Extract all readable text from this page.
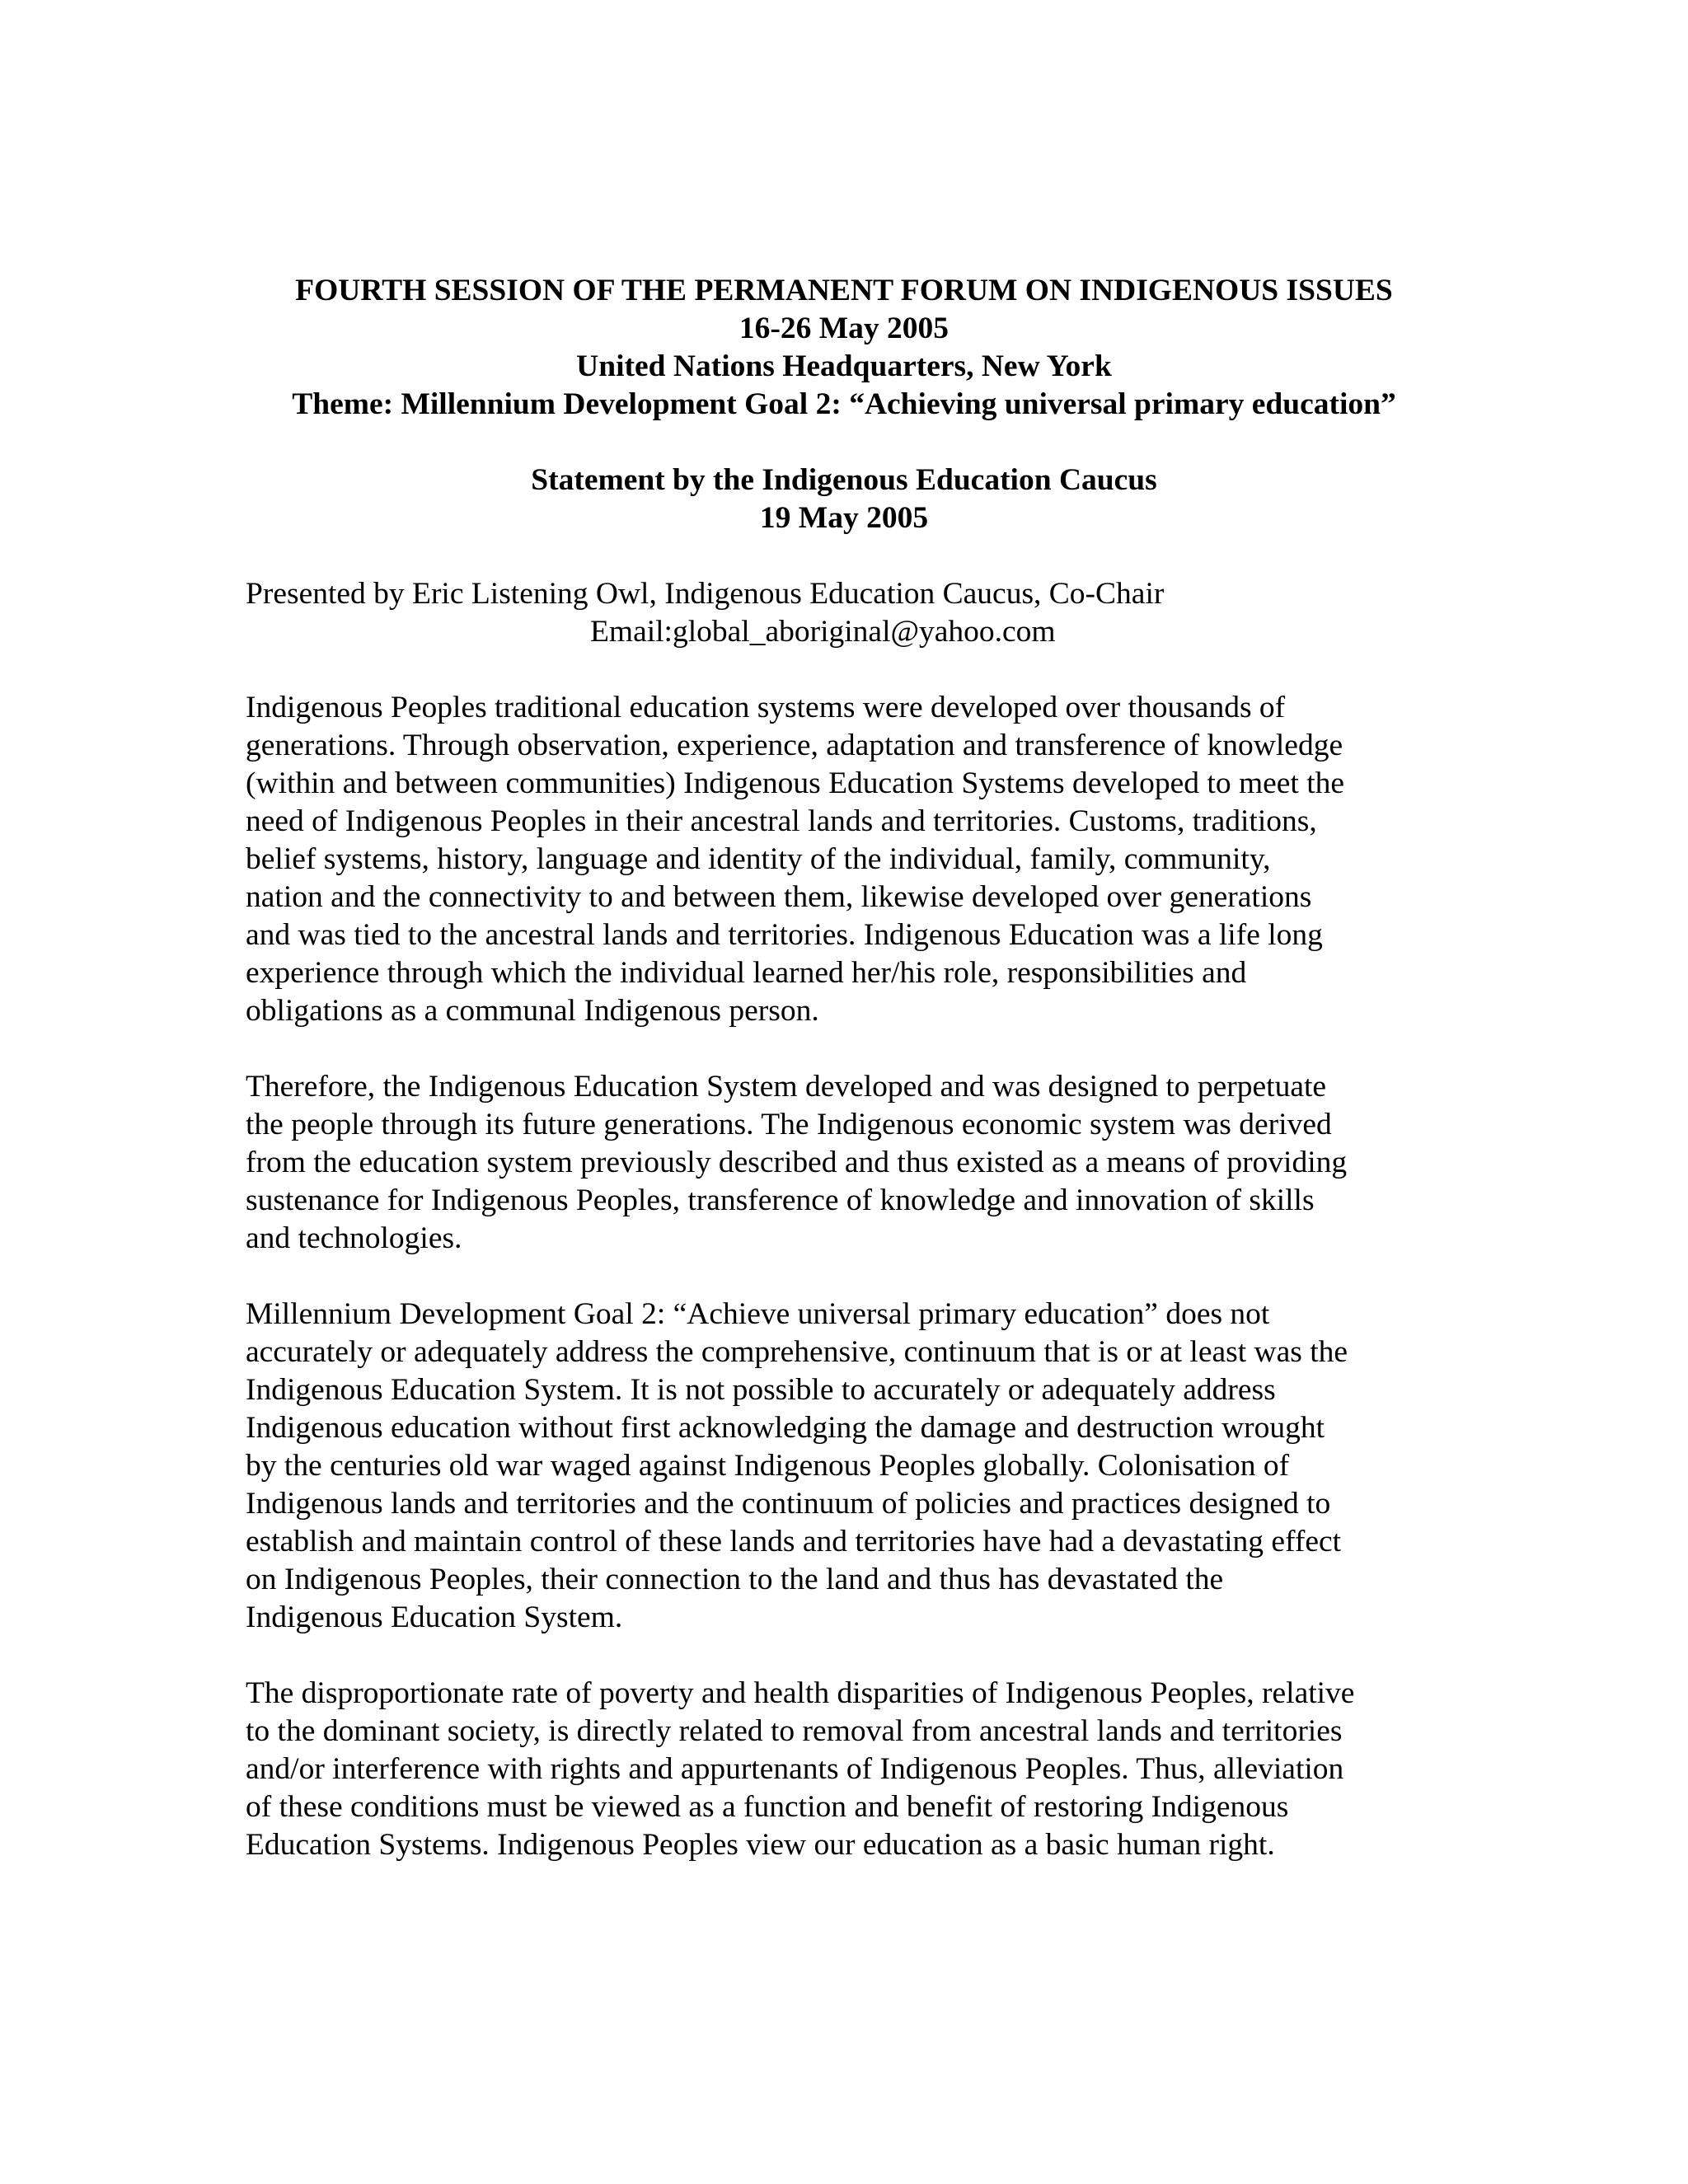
FOURTH SESSION OF THE PERMANENT FORUM ON INDIGENOUS ISSUES
16-26 May 2005
United Nations Headquarters, New York
Theme: Millennium Development Goal 2: “Achieving universal primary education”
Statement by the Indigenous Education Caucus
19 May 2005
Presented by Eric Listening Owl, Indigenous Education Caucus, Co-Chair
Email:global_aboriginal@yahoo.com
Indigenous Peoples traditional education systems were developed over thousands of
generations. Through observation, experience, adaptation and transference of knowledge
(within and between communities) Indigenous Education Systems developed to meet the
need of Indigenous Peoples in their ancestral lands and territories. Customs, traditions,
belief systems, history, language and identity of the individual, family, community,
nation and the connectivity to and between them, likewise developed over generations
and was tied to the ancestral lands and territories. Indigenous Education was a life long
experience through which the individual learned her/his role, responsibilities and
obligations as a communal Indigenous person.
Therefore, the Indigenous Education System developed and was designed to perpetuate
the people through its future generations. The Indigenous economic system was derived
from the education system previously described and thus existed as a means of providing
sustenance for Indigenous Peoples, transference of knowledge and innovation of skills
and technologies.
Millennium Development Goal 2: “Achieve universal primary education” does not
accurately or adequately address the comprehensive, continuum that is or at least was the
Indigenous Education System. It is not possible to accurately or adequately address
Indigenous education without first acknowledging the damage and destruction wrought
by the centuries old war waged against Indigenous Peoples globally. Colonisation of
Indigenous lands and territories and the continuum of policies and practices designed to
establish and maintain control of these lands and territories have had a devastating effect
on Indigenous Peoples, their connection to the land and thus has devastated the
Indigenous Education System.
The disproportionate rate of poverty and health disparities of Indigenous Peoples, relative
to the dominant society, is directly related to removal from ancestral lands and territories
and/or interference with rights and appurtenants of Indigenous Peoples. Thus, alleviation
of these conditions must be viewed as a function and benefit of restoring Indigenous
Education Systems. Indigenous Peoples view our education as a basic human right.
